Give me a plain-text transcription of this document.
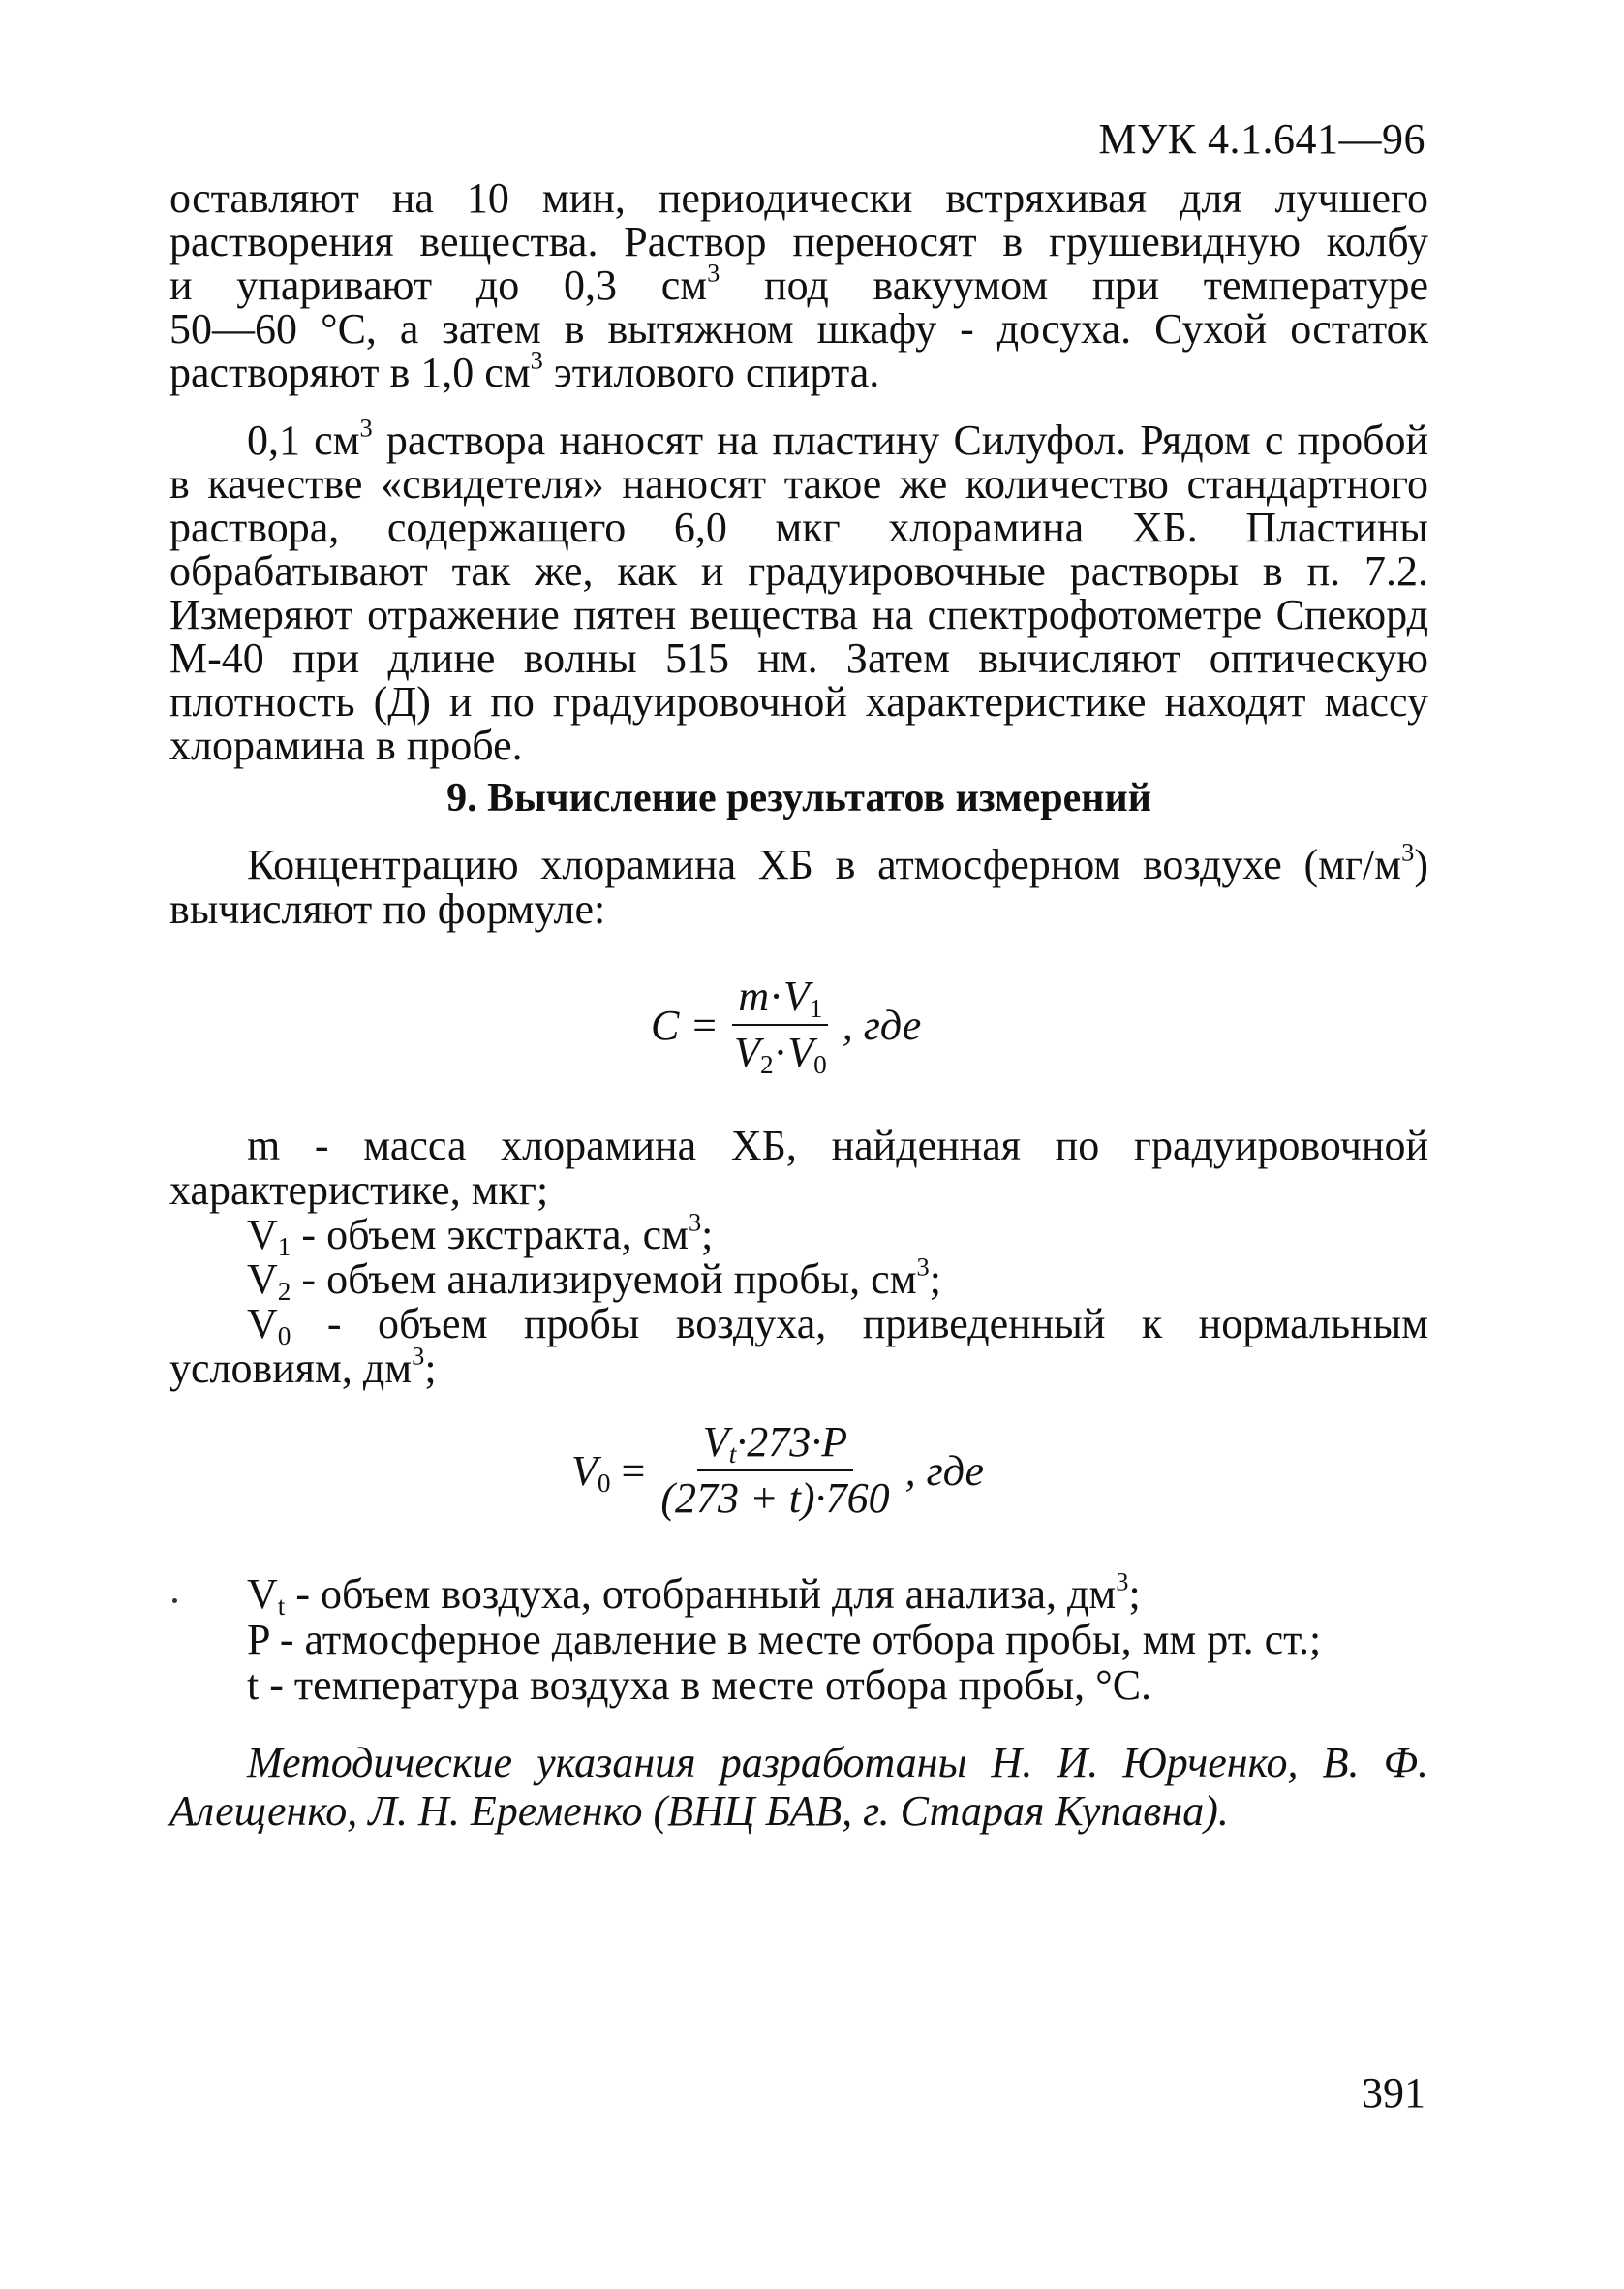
МУК 4.1.641—96
оставляют на 10 мин, периодически встряхивая для лучшего
растворения вещества. Раствор переносят в грушевидную колбу
и упаривают до 0,3 $см^3$ под вакуумом при температуре
50—60 °С, а затем в вытяжном шкафу - досуха. Сухой остаток
растворяют в 1,0 $см^3$ этилового спирта.
0,1 $см^3$ раствора наносят на пластину Силуфол. Рядом с пробой в качестве «свидетеля» наносят такое же количество стандартного раствора, содержащего 6,0 мкг хлорамина ХБ. Пластины обрабатывают так же, как и градуировочные растворы в п. 7.2. Измеряют отражение пятен вещества на спектрофотометре Спекорд М-40 при длине волны 515 нм. Затем вычисляют оптическую плотность (Д) и по градуировочной характеристике находят массу хлорамина в пробе.
9. Вычисление результатов измерений
Концентрацию хлорамина ХБ в атмосферном воздухе $(мг/м^3)$ вычисляют по формуле:
$C = \frac{m\cdot V_1}{V_2\cdot V_0}$ , где
m - масса хлорамина ХБ, найденная по градуировочной характеристике, мкг;
$V_1$ - объем экстракта, $см^3$;
$V_2$ - объем анализируемой пробы, $см^3$;
$V_0$ - объем пробы воздуха, приведенный к нормальным условиям, $дм^3$;
$V_0 = \frac{V_t\cdot 273\cdot P}{(273 + t)\cdot 760}$ , где
$V_t$ - объем воздуха, отобранный для анализа, $дм^3$;
P - атмосферное давление в месте отбора пробы, мм рт. ст.;
t - температура воздуха в месте отбора пробы, °С.
Методические указания разработаны Н. И. Юрченко, В. Ф. Алещенко, Л. Н. Еременко (ВНЦ БАВ, г. Старая Купавна).
391
